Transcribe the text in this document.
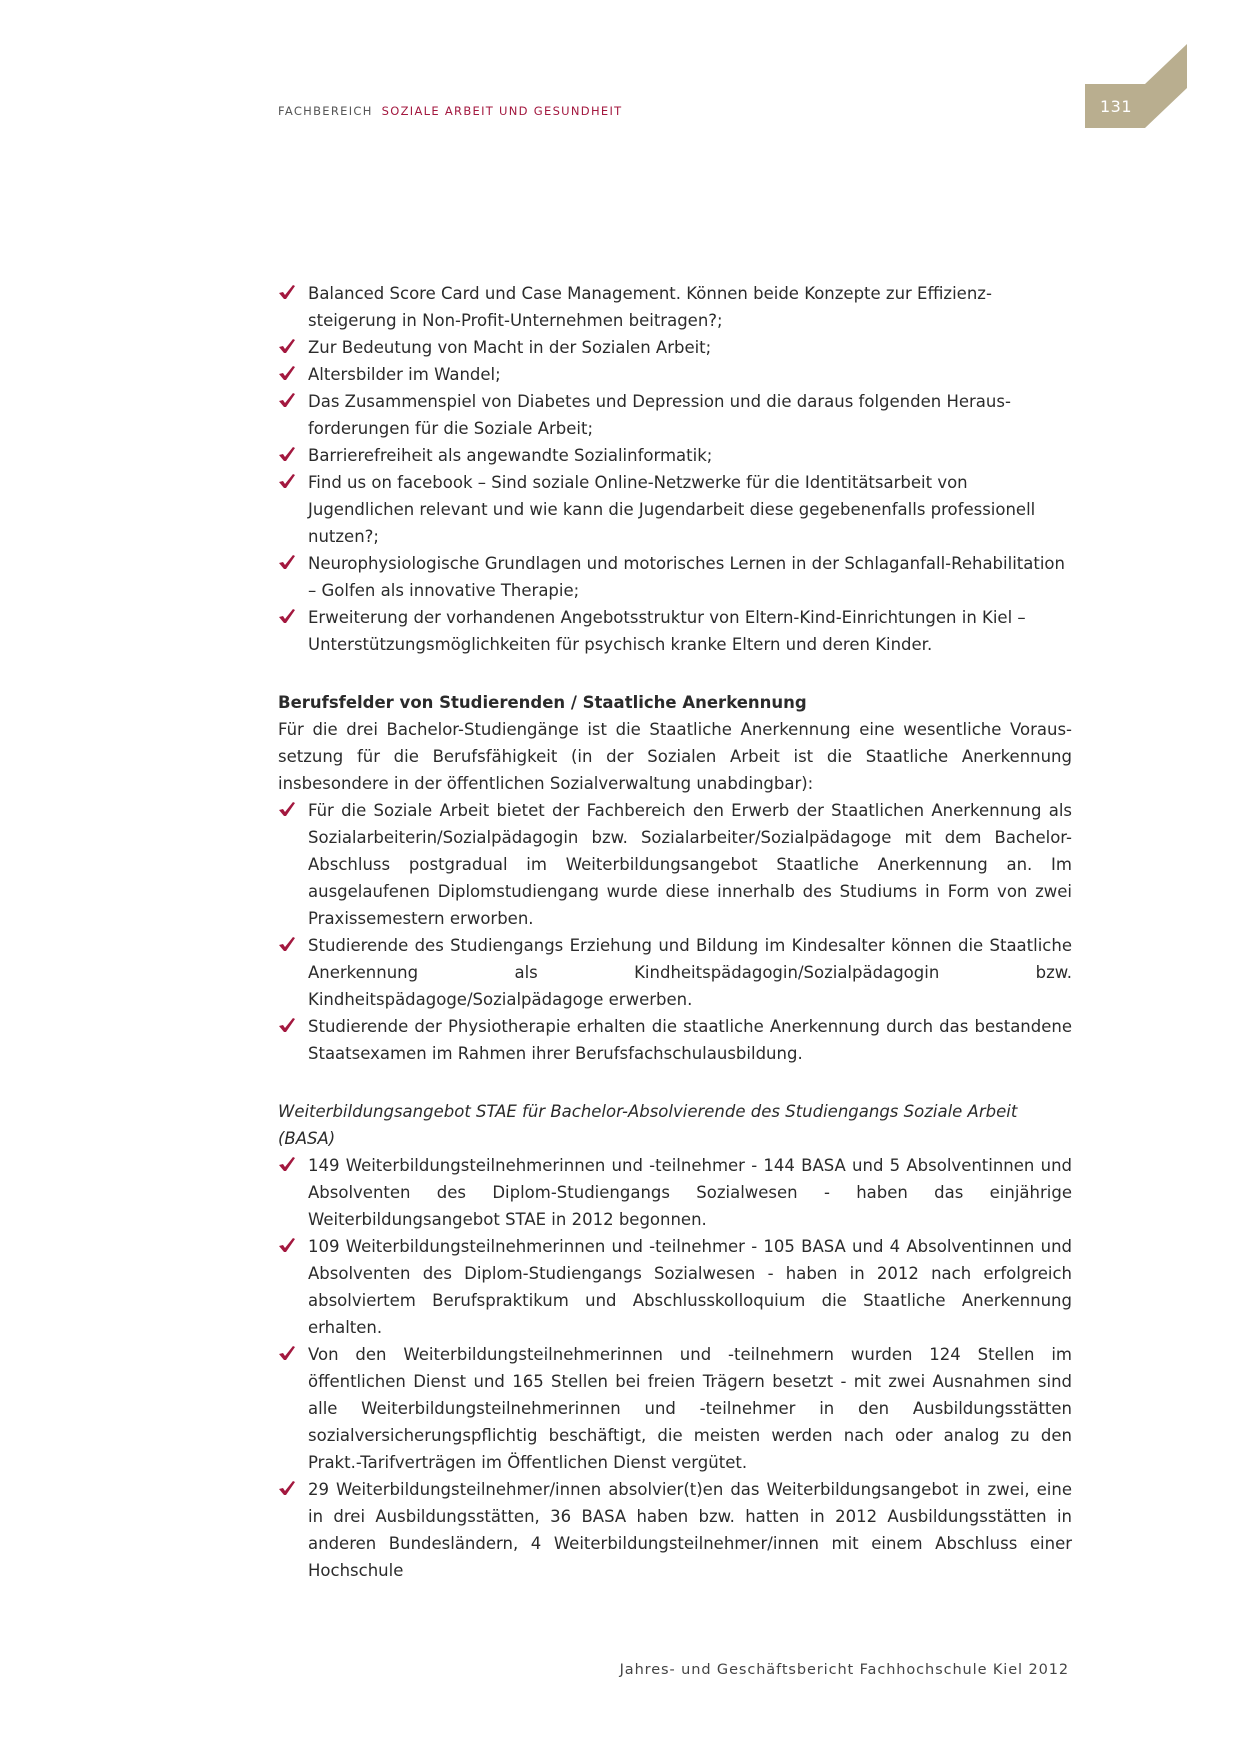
FACHBEREICH SOZIALE ARBEIT UND GESUNDHEIT	131
Balanced Score Card und Case Management. Können beide Konzepte zur Effizienz-steigerung in Non-Profit-Unternehmen beitragen?;
Zur Bedeutung von Macht in der Sozialen Arbeit;
Altersbilder im Wandel;
Das Zusammenspiel von Diabetes und Depression und die daraus folgenden Heraus-forderungen für die Soziale Arbeit;
Barrierefreiheit als angewandte Sozialinformatik;
Find us on facebook – Sind soziale Online-Netzwerke für die Identitätsarbeit von Jugendlichen relevant und wie kann die Jugendarbeit diese gegebenenfalls professionell nutzen?;
Neurophysiologische Grundlagen und motorisches Lernen in der Schlaganfall-Rehabilitation – Golfen als innovative Therapie;
Erweiterung der vorhandenen Angebotsstruktur von Eltern-Kind-Einrichtungen in Kiel – Unterstützungsmöglichkeiten für psychisch kranke Eltern und deren Kinder.
Berufsfelder von Studierenden / Staatliche Anerkennung
Für die drei Bachelor-Studiengänge ist die Staatliche Anerkennung eine wesentliche Voraus-setzung für die Berufsfähigkeit (in der Sozialen Arbeit ist die Staatliche Anerkennung insbesondere in der öffentlichen Sozialverwaltung unabdingbar):
Für die Soziale Arbeit bietet der Fachbereich den Erwerb der Staatlichen Anerkennung als Sozialarbeiterin/Sozialpädagogin bzw. Sozialarbeiter/Sozialpädagoge mit dem Bachelor-Abschluss postgradual im Weiterbildungsangebot Staatliche Anerkennung an. Im ausgelaufenen Diplomstudiengang wurde diese innerhalb des Studiums in Form von zwei Praxissemestern erworben.
Studierende des Studiengangs Erziehung und Bildung im Kindesalter können die Staatliche Anerkennung als Kindheitspädagogin/Sozialpädagogin bzw. Kindheitspädagoge/Sozialpädagoge erwerben.
Studierende der Physiotherapie erhalten die staatliche Anerkennung durch das bestandene Staatsexamen im Rahmen ihrer Berufsfachschulausbildung.
Weiterbildungsangebot STAE für Bachelor-Absolvierende des Studiengangs Soziale Arbeit (BASA)
149 Weiterbildungsteilnehmerinnen und -teilnehmer - 144 BASA und 5 Absolventinnen und Absolventen des Diplom-Studiengangs Sozialwesen - haben das einjährige Weiterbildungsangebot STAE in 2012 begonnen.
109 Weiterbildungsteilnehmerinnen und -teilnehmer - 105 BASA und 4 Absolventinnen und Absolventen des Diplom-Studiengangs Sozialwesen - haben in 2012 nach erfolgreich absolviertem Berufspraktikum und Abschlusskolloquium die Staatliche Anerkennung erhalten.
Von den Weiterbildungsteilnehmerinnen und -teilnehmern wurden 124 Stellen im öffentlichen Dienst und 165 Stellen bei freien Trägern besetzt - mit zwei Ausnahmen sind alle Weiterbildungsteilnehmerinnen und -teilnehmer in den Ausbildungsstätten sozialversicherungspflichtig beschäftigt, die meisten werden nach oder analog zu den Prakt.-Tarifverträgen im Öffentlichen Dienst vergütet.
29 Weiterbildungsteilnehmer/innen absolvier(t)en das Weiterbildungsangebot in zwei, eine in drei Ausbildungsstätten, 36 BASA haben bzw. hatten in 2012 Ausbildungsstätten in anderen Bundesländern, 4 Weiterbildungsteilnehmer/innen mit einem Abschluss einer Hochschule
Jahres- und Geschäftsbericht Fachhochschule Kiel 2012
